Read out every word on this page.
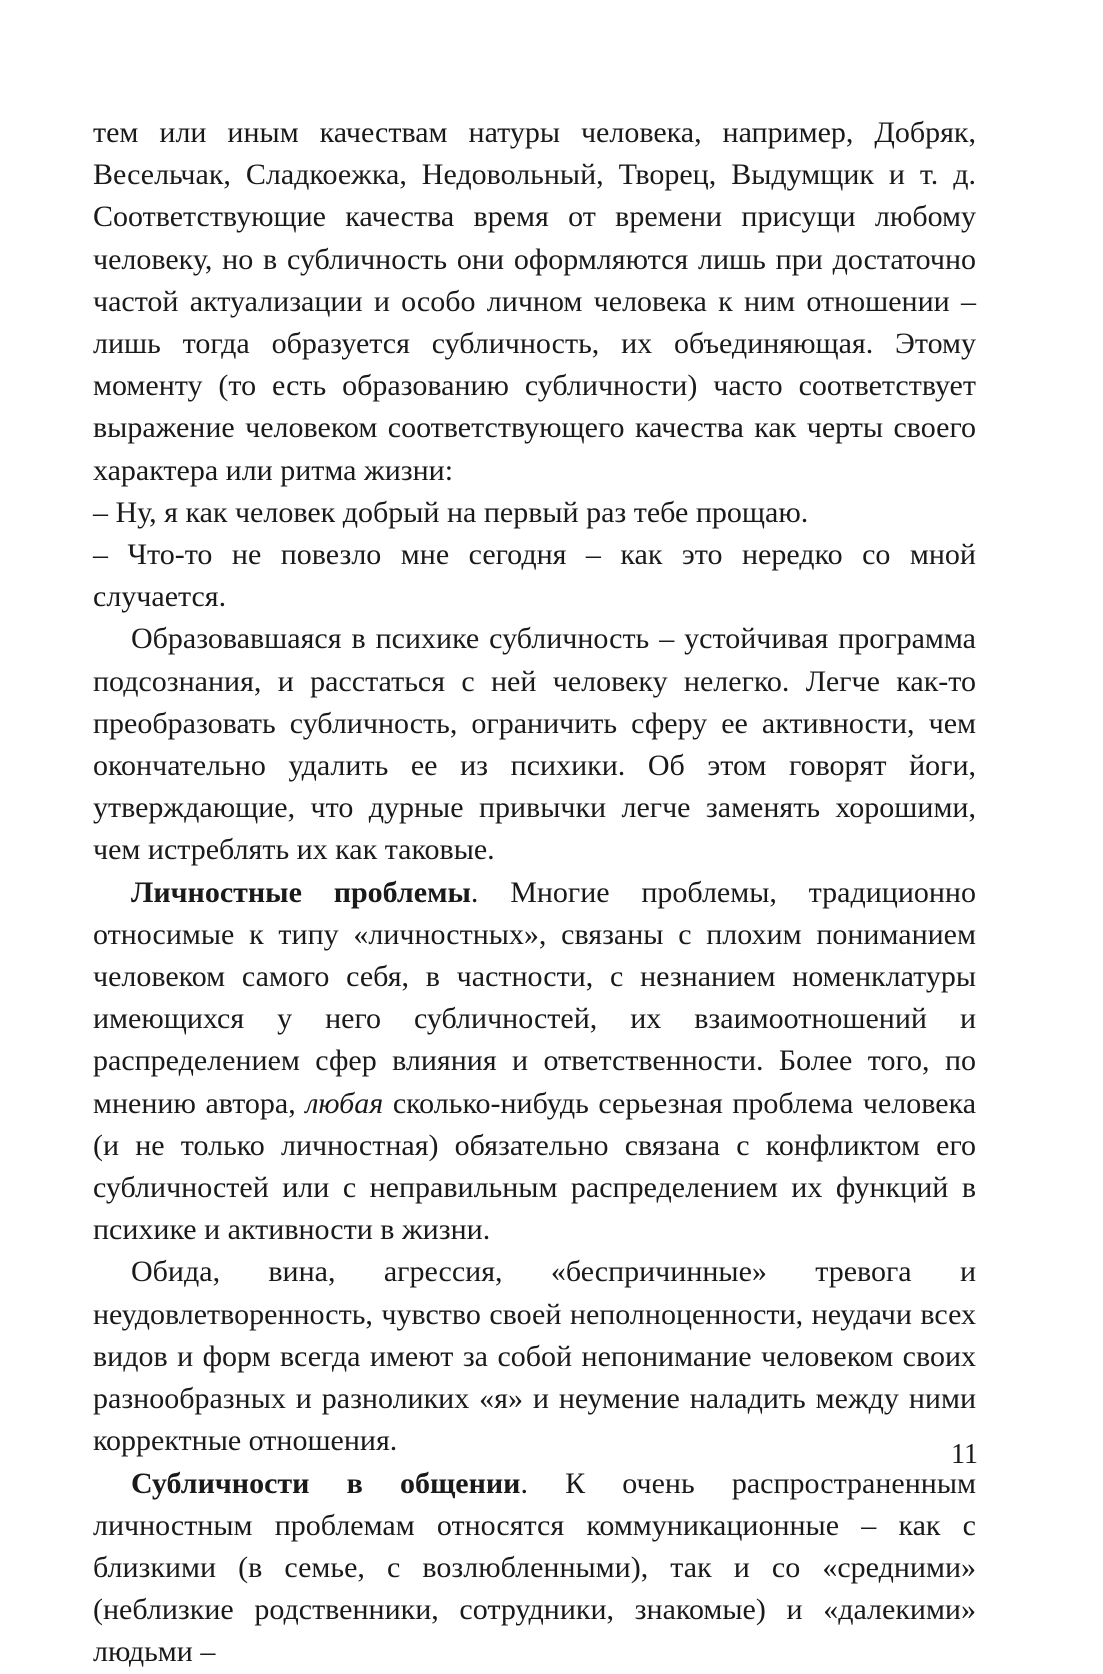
тем или иным качествам натуры человека, например, Добряк, Весельчак, Сладкоежка, Недовольный, Творец, Выдумщик и т. д. Соответствующие качества время от времени присущи любому человеку, но в субличность они оформляются лишь при достаточно частой актуализации и особо личном человека к ним отношении – лишь тогда образуется субличность, их объединяющая. Этому моменту (то есть образованию субличности) часто соответствует выражение человеком соответствующего качества как черты своего характера или ритма жизни:

– Ну, я как человек добрый на первый раз тебе прощаю.

– Что-то не повезло мне сегодня – как это нередко со мной случается.

Образовавшаяся в психике субличность – устойчивая программа подсознания, и расстаться с ней человеку нелегко. Легче как-то преобразовать субличность, ограничить сферу ее активности, чем окончательно удалить ее из психики. Об этом говорят йоги, утверждающие, что дурные привычки легче заменять хорошими, чем истреблять их как таковые.

Личностные проблемы. Многие проблемы, традиционно относимые к типу «личностных», связаны с плохим пониманием человеком самого себя, в частности, с незнанием номенклатуры имеющихся у него субличностей, их взаимоотношений и распределением сфер влияния и ответственности. Более того, по мнению автора, любая сколько-нибудь серьезная проблема человека (и не только личностная) обязательно связана с конфликтом его субличностей или с неправильным распределением их функций в психике и активности в жизни.

Обида, вина, агрессия, «беспричинные» тревога и неудовлетворенность, чувство своей неполноценности, неудачи всех видов и форм всегда имеют за собой непонимание человеком своих разнообразных и разноликих «я» и неумение наладить между ними корректные отношения.

Субличности в общении. К очень распространенным личностным проблемам относятся коммуникационные – как с близкими (в семье, с возлюбленными), так и со «средними» (неблизкие родственники, сотрудники, знакомые) и «далекими» людьми –

11
